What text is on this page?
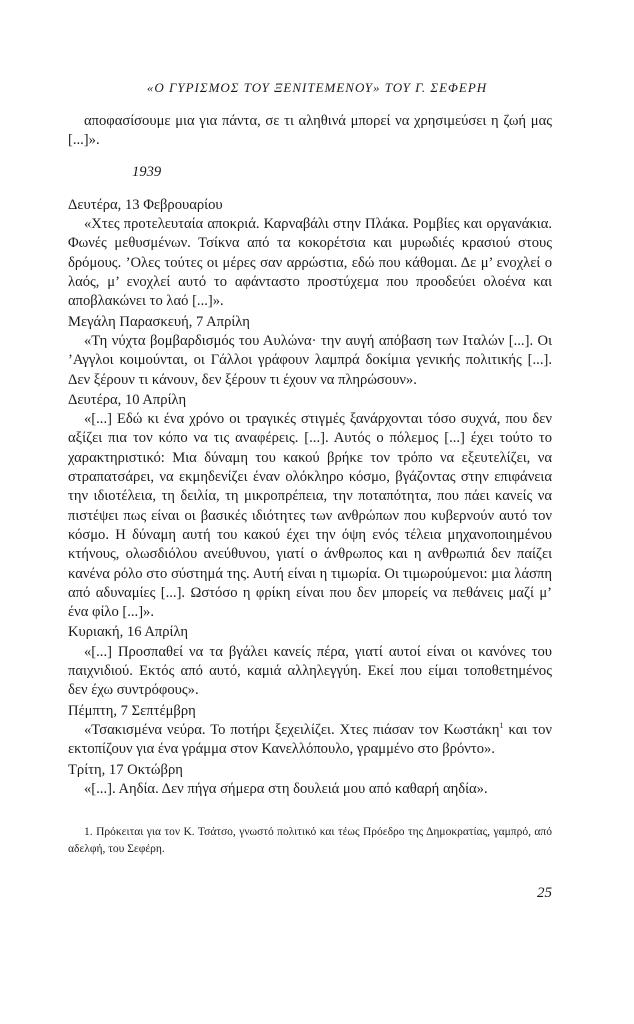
«Ο ΓΥΡΙΣΜΟΣ ΤΟΥ ΞΕΝΙΤΕΜΕΝΟΥ» ΤΟΥ Γ. ΣΕΦΕΡΗ

αποφασίσουμε μια για πάντα, σε τι αληθινά μπορεί να χρησιμεύσει η ζωή μας [...]».

1939

Δευτέρα, 13 Φεβρουαρίου

«Χτες προτελευταία αποκριά. Καρναβάλι στην Πλάκα. Ρομβίες και οργανάκια. Φωνές μεθυσμένων. Τσίκνα από τα κοκορέτσια και μυρωδιές κρασιού στους δρόμους. ’Ολες τούτες οι μέρες σαν αρρώστια, εδώ που κάθομαι. Δε μ’ ενοχλεί ο λαός, μ’ ενοχλεί αυτό το αφάνταστο προστύχεμα που προοδεύει ολοένα και αποβλακώνει το λαό [...]».

Μεγάλη Παρασκευή, 7 Απρίλη

«Τη νύχτα βομβαρδισμός του Αυλώνα· την αυγή απόβαση των Ιταλών [...]. Οι ’Αγγλοι κοιμούνται, οι Γάλλοι γράφουν λαμπρά δοκίμια γενικής πολιτικής [...]. Δεν ξέρουν τι κάνουν, δεν ξέρουν τι έχουν να πληρώσουν».

Δευτέρα, 10 Απρίλη

«[...] Εδώ κι ένα χρόνο οι τραγικές στιγμές ξανάρχονται τόσο συχνά, που δεν αξίζει πια τον κόπο να τις αναφέρεις. [...]. Αυτός ο πόλεμος [...] έχει τούτο το χαρακτηριστικό: Μια δύναμη του κακού βρήκε τον τρόπο να εξευτελίζει, να στραπατσάρει, να εκμηδενίζει έναν ολόκληρο κόσμο, βγάζοντας στην επιφάνεια την ιδιοτέλεια, τη δειλία, τη μικροπρέπεια, την ποταπότητα, που πάει κανείς να πιστέψει πως είναι οι βασικές ιδιότητες των ανθρώπων που κυβερνούν αυτό τον κόσμο. Η δύναμη αυτή του κακού έχει την όψη ενός τέλεια μηχανοποιημένου κτήνους, ολωσδιόλου ανεύθυνου, γιατί ο άνθρωπος και η ανθρωπιά δεν παίζει κανένα ρόλο στο σύστημά της. Αυτή είναι η τιμωρία. Οι τιμωρούμενοι: μια λάσπη από αδυναμίες [...]. Ωστόσο η φρίκη είναι που δεν μπορείς να πεθάνεις μαζί μ’ ένα φίλο [...]».

Κυριακή, 16 Απρίλη

«[...] Προσπαθεί να τα βγάλει κανείς πέρα, γιατί αυτοί είναι οι κανόνες του παιχνιδιού. Εκτός από αυτό, καμιά αλληλεγγύη. Εκεί που είμαι τοποθετημένος δεν έχω συντρόφους».

Πέμπτη, 7 Σεπτέμβρη

«Τσακισμένα νεύρα. Το ποτήρι ξεχειλίζει. Χτες πιάσαν τον Κωστάκη$^1$ και τον εκτοπίζουν για ένα γράμμα στον Κανελλόπουλο, γραμμένο στο βρόντο».

Τρίτη, 17 Οκτώβρη

«[...]. Αηδία. Δεν πήγα σήμερα στη δουλειά μου από καθαρή αηδία».

1. Πρόκειται για τον Κ. Τσάτσο, γνωστό πολιτικό και τέως Πρόεδρο της Δημοκρατίας, γαμπρό, από αδελφή, του Σεφέρη.

25
